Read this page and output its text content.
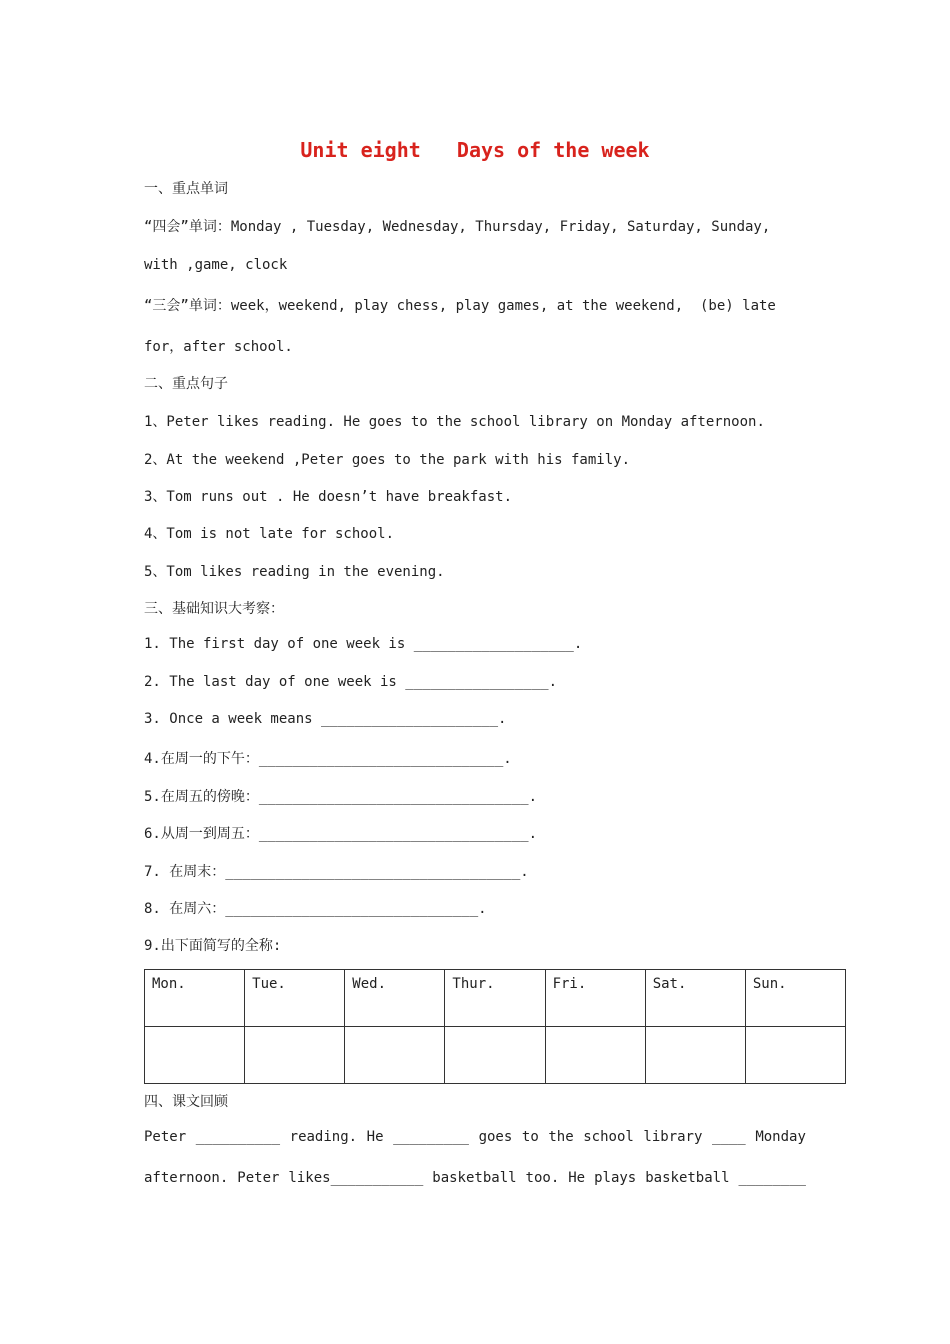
Unit eight   Days of the week
一、重点单词
“四会”单词：Monday , Tuesday, Wednesday, Thursday, Friday, Saturday, Sunday,
with ,game, clock
“三会”单词：week，weekend, play chess, play games, at the weekend,  (be) late
for，after school.
二、重点句子
1、Peter likes reading. He goes to the school library on Monday afternoon.
2、At the weekend ,Peter goes to the park with his family.
3、Tom runs out . He doesn’t have breakfast.
4、Tom is not late for school.
5、Tom likes reading in the evening.
三、基础知识大考察：
1. The first day of one week is ___________________.
2. The last day of one week is _________________.
3. Once a week means _____________________.
4.在周一的下午：_____________________________.
5.在周五的傍晚：________________________________.
6.从周一到周五：________________________________.
7. 在周末：___________________________________.
8. 在周六：______________________________.
9.出下面简写的全称:
Mon.	Tue.	Wed.	Thur.	Fri.	Sat.	Sun.

四、课文回顾
Peter __________ reading. He _________ goes to the school library ____ Monday
afternoon. Peter likes___________ basketball too. He plays basketball ________
